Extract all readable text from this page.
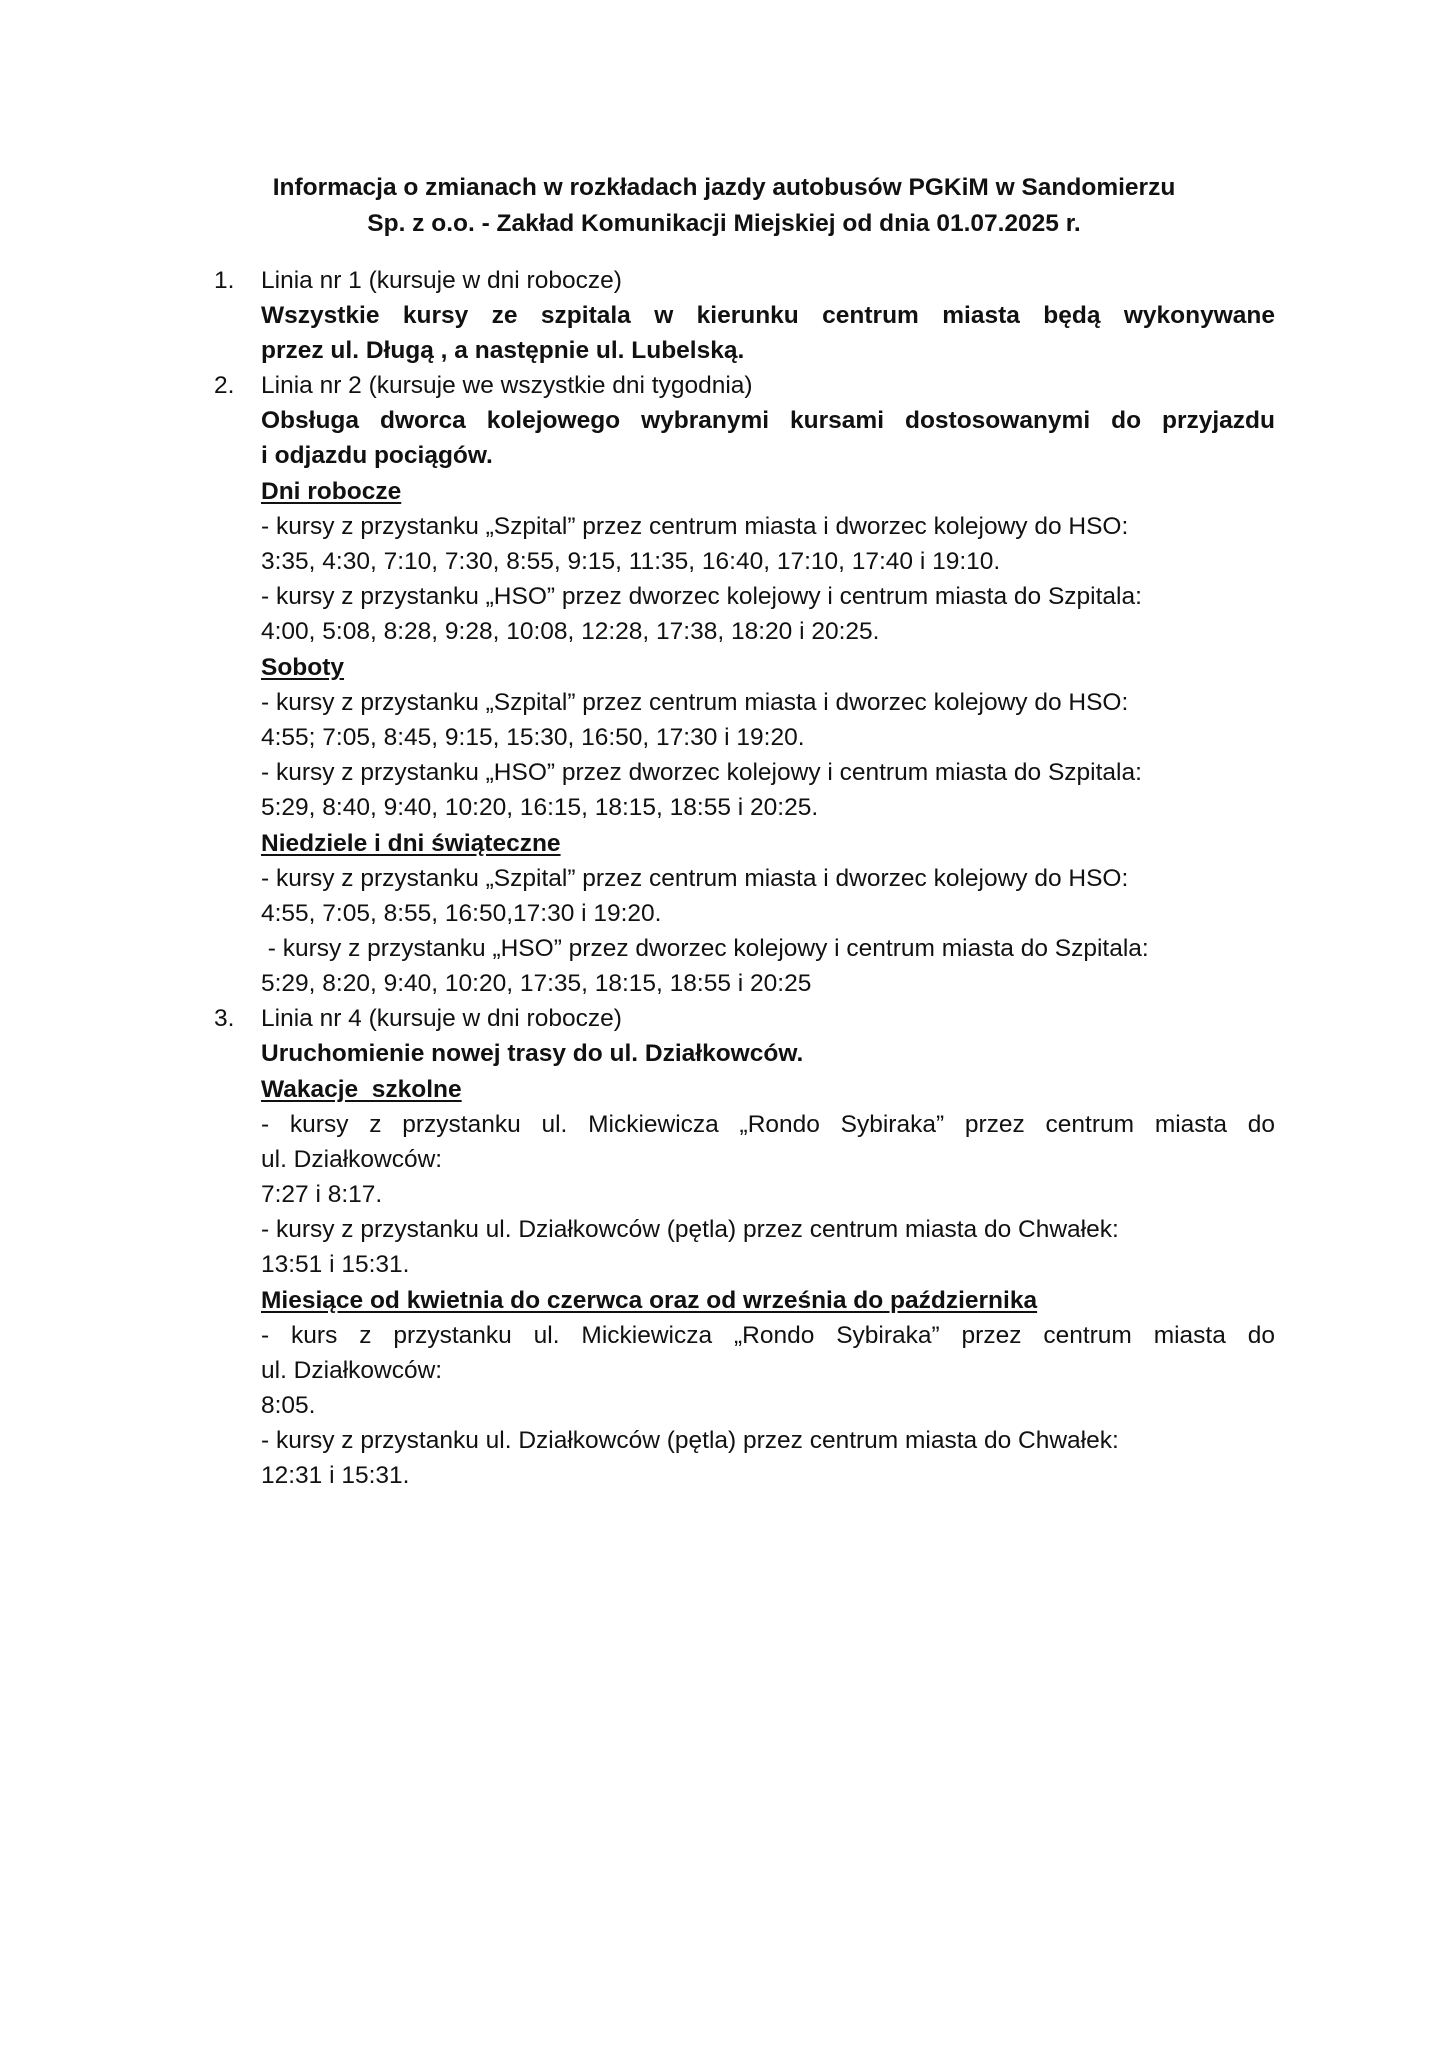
Informacja o zmianach w rozkładach jazdy autobusów PGKiM w Sandomierzu
Sp. z o.o. - Zakład Komunikacji Miejskiej od dnia 01.07.2025 r.
1. Linia nr 1 (kursuje w dni robocze)
Wszystkie kursy ze szpitala w kierunku centrum miasta będą wykonywane
przez ul. Długą , a następnie ul. Lubelską.
2. Linia nr 2 (kursuje we wszystkie dni tygodnia)
Obsługa dworca kolejowego wybranymi kursami dostosowanymi do przyjazdu
i odjazdu pociągów.
Dni robocze
- kursy z przystanku „Szpital” przez centrum miasta i dworzec kolejowy do HSO:
3:35, 4:30, 7:10, 7:30, 8:55, 9:15, 11:35, 16:40, 17:10, 17:40 i 19:10.
- kursy z przystanku „HSO” przez dworzec kolejowy i centrum miasta do Szpitala:
4:00, 5:08, 8:28, 9:28, 10:08, 12:28, 17:38, 18:20 i 20:25.
Soboty
- kursy z przystanku „Szpital” przez centrum miasta i dworzec kolejowy do HSO:
4:55; 7:05, 8:45, 9:15, 15:30, 16:50, 17:30 i 19:20.
- kursy z przystanku „HSO” przez dworzec kolejowy i centrum miasta do Szpitala:
5:29, 8:40, 9:40, 10:20, 16:15, 18:15, 18:55 i 20:25.
Niedziele i dni świąteczne
- kursy z przystanku „Szpital” przez centrum miasta i dworzec kolejowy do HSO:
4:55, 7:05, 8:55, 16:50,17:30 i 19:20.
- kursy z przystanku „HSO” przez dworzec kolejowy i centrum miasta do Szpitala:
5:29, 8:20, 9:40, 10:20, 17:35, 18:15, 18:55 i 20:25
3. Linia nr 4 (kursuje w dni robocze)
Uruchomienie nowej trasy do ul. Działkowców.
Wakacje  szkolne
- kursy z przystanku ul. Mickiewicza „Rondo Sybiraka” przez centrum miasta do
ul. Działkowców:
7:27 i 8:17.
- kursy z przystanku ul. Działkowców (pętla) przez centrum miasta do Chwałek:
13:51 i 15:31.
Miesiące od kwietnia do czerwca oraz od września do października
- kurs z przystanku ul. Mickiewicza „Rondo Sybiraka” przez centrum miasta do
ul. Działkowców:
8:05.
- kursy z przystanku ul. Działkowców (pętla) przez centrum miasta do Chwałek:
12:31 i 15:31.
